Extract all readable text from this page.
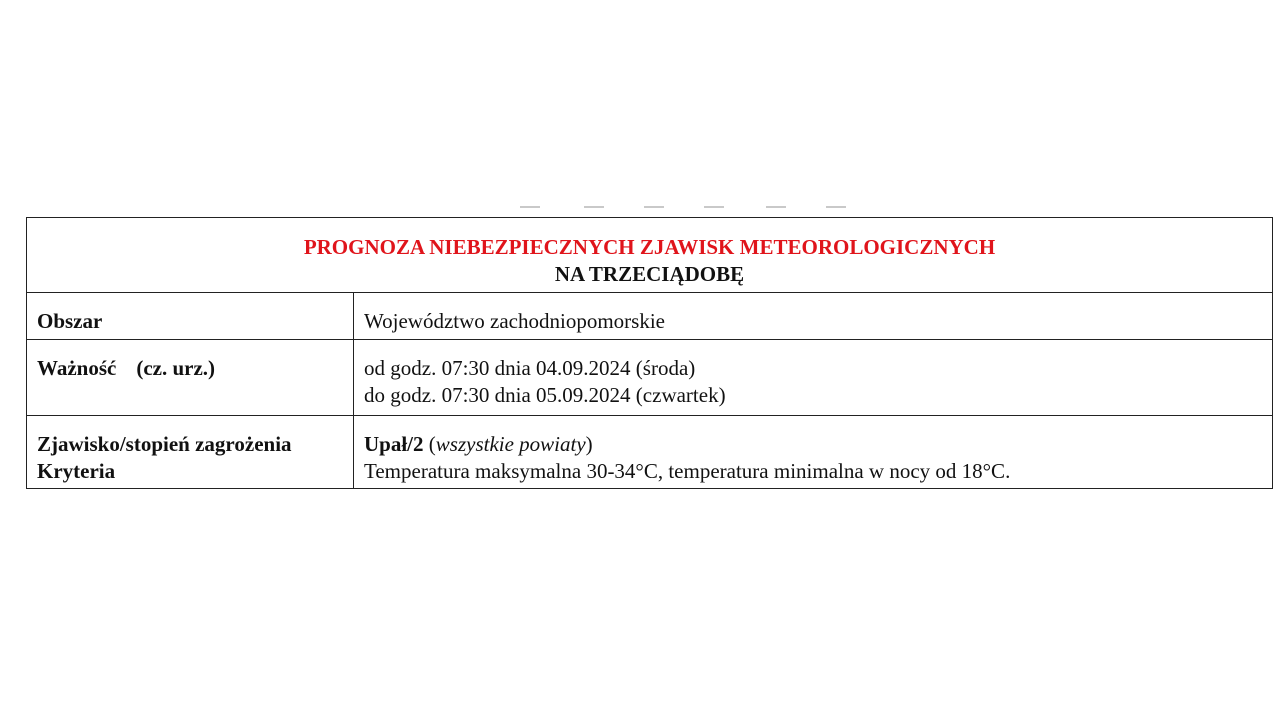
PROGNOZA NIEBEZPIECZNYCH ZJAWISK METEOROLOGICZNYCH
NA TRZECIĄDOBĘ	

Obszar	Województwo zachodniopomorskie

Ważność (cz. urz.)	od godz. 07:30 dnia 04.09.2024 (środa)
do godz. 07:30 dnia 05.09.2024 (czwartek)

Zjawisko/stopień zagrożenia
Kryteria	Upał/2 (wszystkie powiaty)
Temperatura maksymalna 30-34°C, temperatura minimalna w nocy od 18°C.
